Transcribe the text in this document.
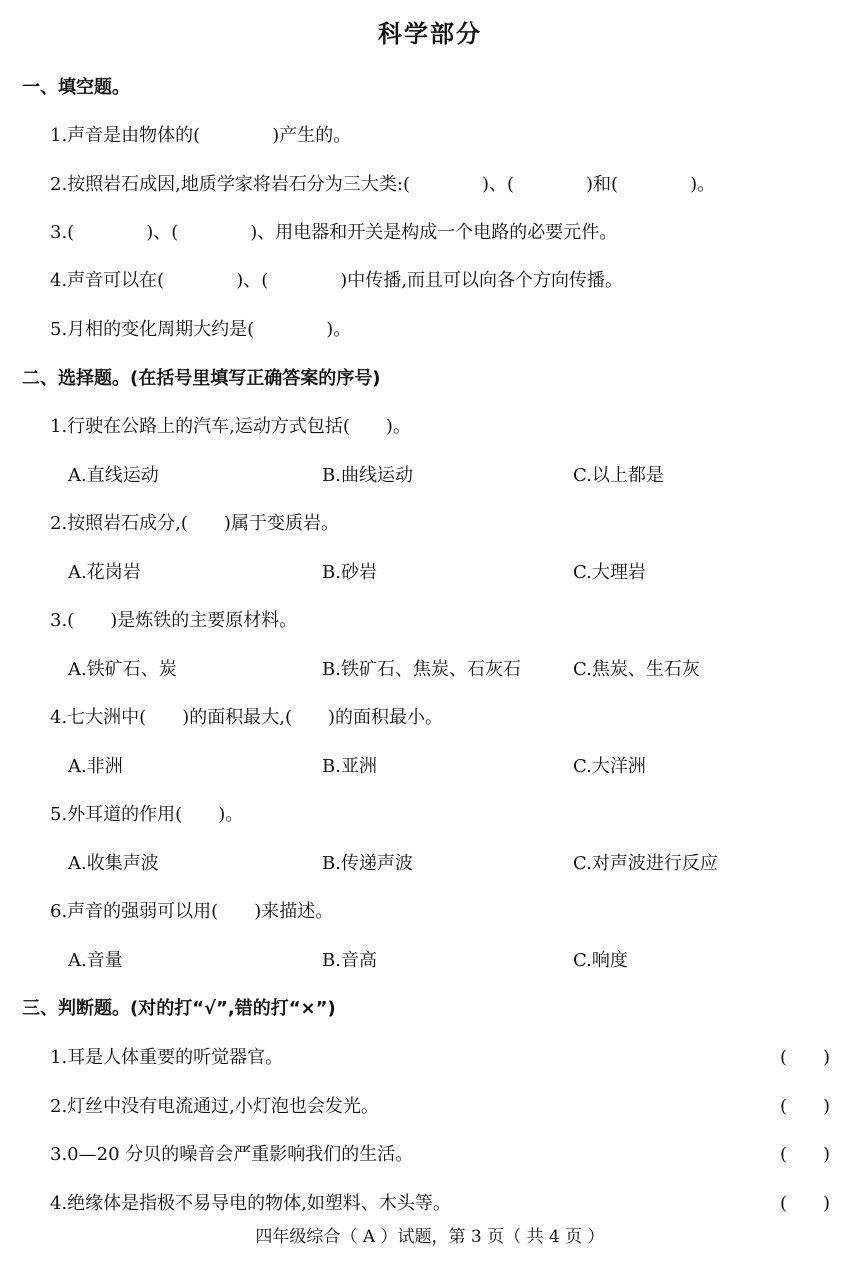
科学部分
一、填空题。
1.声音是由物体的(　　　　)产生的。
2.按照岩石成因,地质学家将岩石分为三大类:(　　　　)、(　　　　)和(　　　　)。
3.(　　　　)、(　　　　)、用电器和开关是构成一个电路的必要元件。
4.声音可以在(　　　　)、(　　　　)中传播,而且可以向各个方向传播。
5.月相的变化周期大约是(　　　　)。
二、选择题。(在括号里填写正确答案的序号)
1.行驶在公路上的汽车,运动方式包括(　　)。
A.直线运动	B.曲线运动	C.以上都是
2.按照岩石成分,(　　)属于变质岩。
A.花岗岩	B.砂岩	C.大理岩
3.(　　)是炼铁的主要原材料。
A.铁矿石、炭	B.铁矿石、焦炭、石灰石	C.焦炭、生石灰
4.七大洲中(　　)的面积最大,(　　)的面积最小。
A.非洲	B.亚洲	C.大洋洲
5.外耳道的作用(　　)。
A.收集声波	B.传递声波	C.对声波进行反应
6.声音的强弱可以用(　　)来描述。
A.音量	B.音高	C.响度
三、判断题。(对的打“√”,错的打“×”)
1.耳是人体重要的听觉器官。	(　　)
2.灯丝中没有电流通过,小灯泡也会发光。	(　　)
3.0—20 分贝的噪音会严重影响我们的生活。	(　　)
4.绝缘体是指极不易导电的物体,如塑料、木头等。	(　　)
四年级综合（ A ）试题，第 3 页（ 共 4 页 ）
